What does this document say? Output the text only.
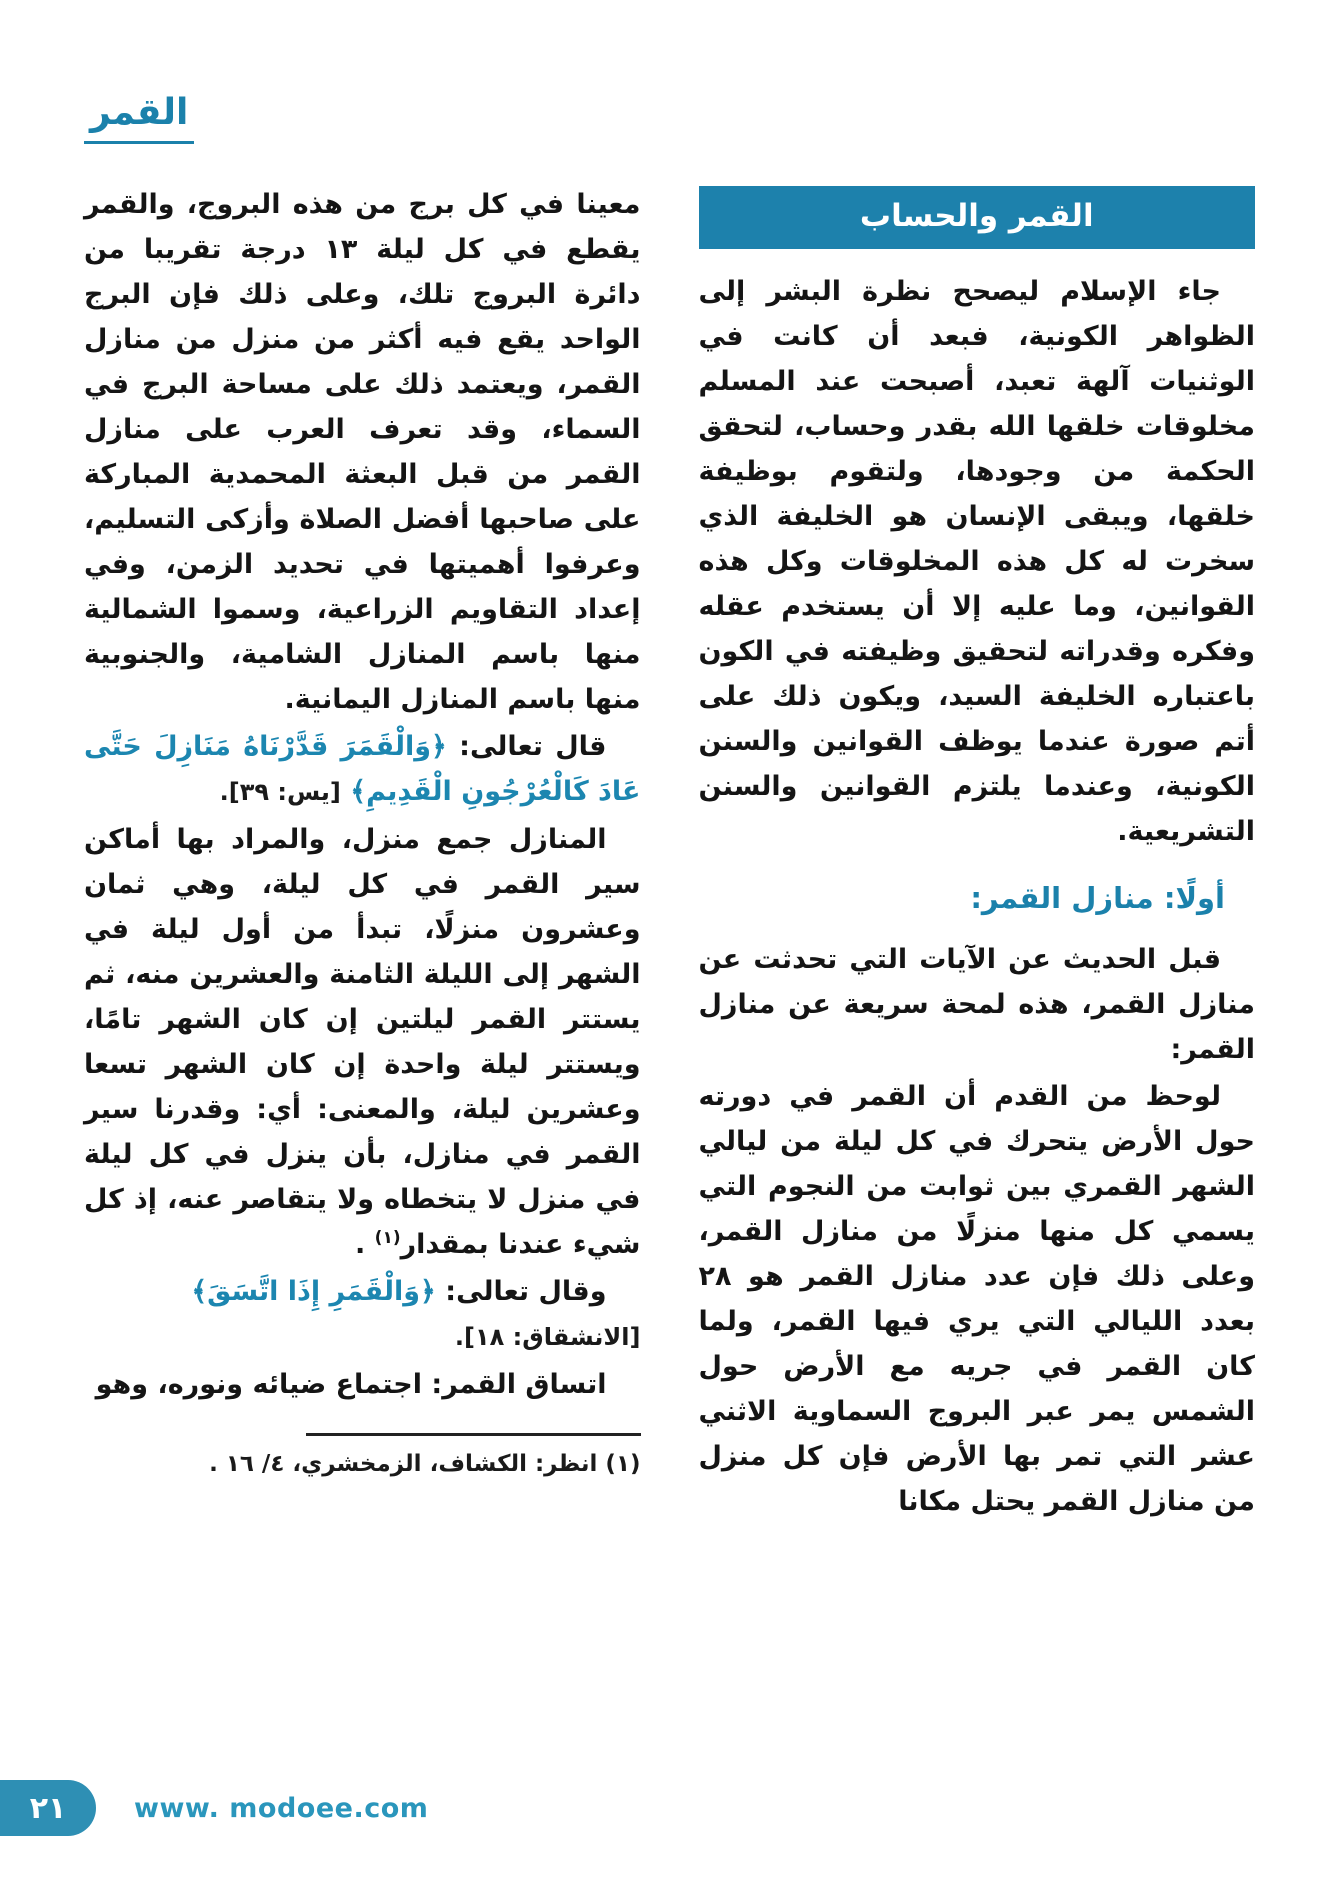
القمر
القمر والحساب

جاء الإسلام ليصحح نظرة البشر إلى الظواهر الكونية، فبعد أن كانت في الوثنيات آلهة تعبد، أصبحت عند المسلم مخلوقات خلقها الله بقدر وحساب، لتحقق الحكمة من وجودها، ولتقوم بوظيفة خلقها، ويبقى الإنسان هو الخليفة الذي سخرت له كل هذه المخلوقات وكل هذه القوانين، وما عليه إلا أن يستخدم عقله وفكره وقدراته لتحقيق وظيفته في الكون باعتباره الخليفة السيد، ويكون ذلك على أتم صورة عندما يوظف القوانين والسنن الكونية، وعندما يلتزم القوانين والسنن التشريعية.

أولًا: منازل القمر:

قبل الحديث عن الآيات التي تحدثت عن منازل القمر، هذه لمحة سريعة عن منازل القمر:

لوحظ من القدم أن القمر في دورته حول الأرض يتحرك في كل ليلة من ليالي الشهر القمري بين ثوابت من النجوم التي يسمي كل منها منزلًا من منازل القمر، وعلى ذلك فإن عدد منازل القمر هو ٢٨ بعدد الليالي التي يري فيها القمر، ولما كان القمر في جريه مع الأرض حول الشمس يمر عبر البروج السماوية الاثني عشر التي تمر بها الأرض فإن كل منزل من منازل القمر يحتل مكانا

معينا في كل برج من هذه البروج، والقمر يقطع في كل ليلة ١٣ درجة تقريبا من دائرة البروج تلك، وعلى ذلك فإن البرج الواحد يقع فيه أكثر من منزل من منازل القمر، ويعتمد ذلك على مساحة البرج في السماء، وقد تعرف العرب على منازل القمر من قبل البعثة المحمدية المباركة على صاحبها أفضل الصلاة وأزكى التسليم، وعرفوا أهميتها في تحديد الزمن، وفي إعداد التقاويم الزراعية، وسموا الشمالية منها باسم المنازل الشامية، والجنوبية منها باسم المنازل اليمانية.

قال تعالى: ﴿وَالْقَمَرَ قَدَّرْنَاهُ مَنَازِلَ حَتَّى عَادَ كَالْعُرْجُونِ الْقَدِيمِ﴾ [يس: ٣٩].

المنازل جمع منزل، والمراد بها أماكن سير القمر في كل ليلة، وهي ثمان وعشرون منزلًا، تبدأ من أول ليلة في الشهر إلى الليلة الثامنة والعشرين منه، ثم يستتر القمر ليلتين إن كان الشهر تامًا، ويستتر ليلة واحدة إن كان الشهر تسعا وعشرين ليلة، والمعنى: أي: وقدرنا سير القمر في منازل، بأن ينزل في كل ليلة في منزل لا يتخطاه ولا يتقاصر عنه، إذ كل شيء عندنا بمقدار$^{(١)}$ .

وقال تعالى: ﴿وَالْقَمَرِ إِذَا اتَّسَقَ﴾
[الانشقاق: ١٨].

اتساق القمر: اجتماع ضيائه ونوره، وهو

(١) انظر: الكشاف، الزمخشري، ٤/ ١٦ .
٢١	www. modoee.com
